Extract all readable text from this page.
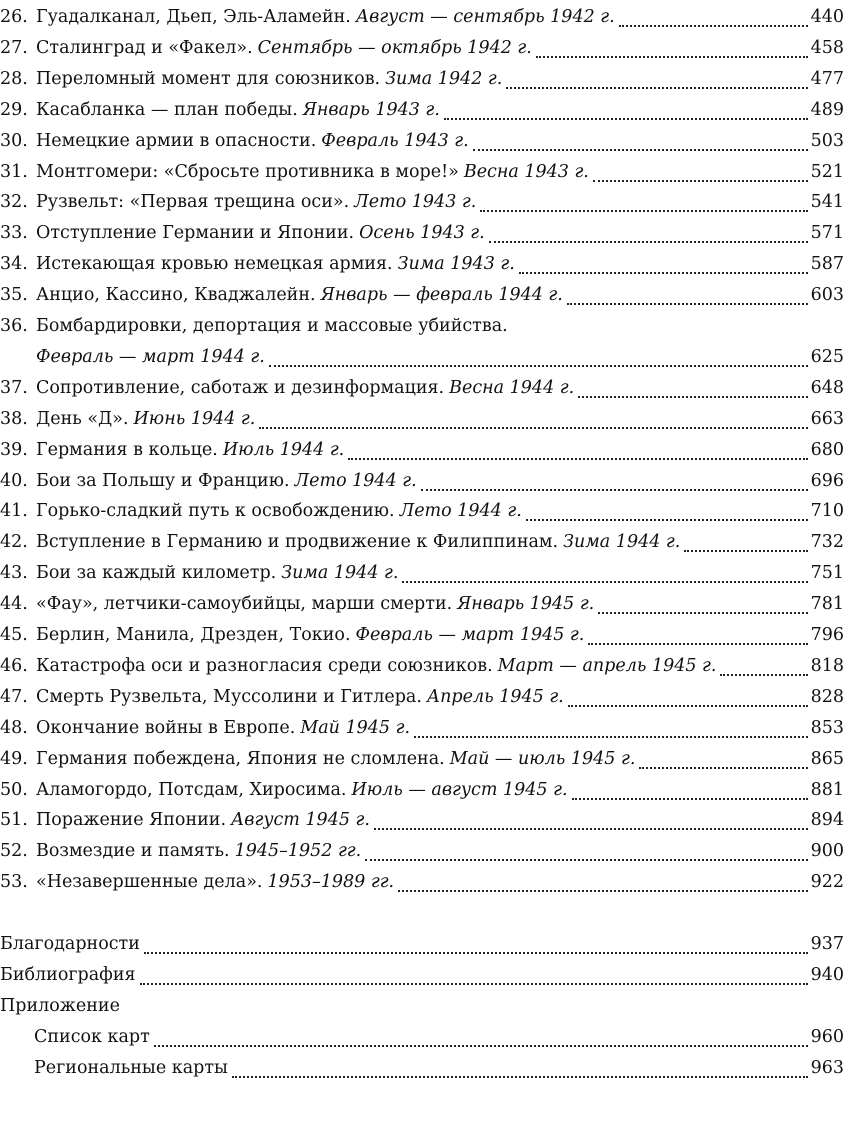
26. Гуадалканал, Дьеп, Эль-Аламейн. Август — сентябрь 1942 г.	440
27. Сталинград и «Факел». Сентябрь — октябрь 1942 г.	458
28. Переломный момент для союзников. Зима 1942 г.	477
29. Касабланка — план победы. Январь 1943 г.	489
30. Немецкие армии в опасности. Февраль 1943 г.	503
31. Монтгомери: «Сбросьте противника в море!» Весна 1943 г.	521
32. Рузвельт: «Первая трещина оси». Лето 1943 г.	541
33. Отступление Германии и Японии. Осень 1943 г.	571
34. Истекающая кровью немецкая армия. Зима 1943 г.	587
35. Анцио, Кассино, Кваджалейн. Январь — февраль 1944 г.	603
36. Бомбардировки, депортация и массовые убийства.
Февраль — март 1944 г.	625
37. Сопротивление, саботаж и дезинформация. Весна 1944 г.	648
38. День «Д». Июнь 1944 г.	663
39. Германия в кольце. Июль 1944 г.	680
40. Бои за Польшу и Францию. Лето 1944 г.	696
41. Горько-сладкий путь к освобождению. Лето 1944 г.	710
42. Вступление в Германию и продвижение к Филиппинам. Зима 1944 г.	732
43. Бои за каждый километр. Зима 1944 г.	751
44. «Фау», летчики-самоубийцы, марши смерти. Январь 1945 г.	781
45. Берлин, Манила, Дрезден, Токио. Февраль — март 1945 г.	796
46. Катастрофа оси и разногласия среди союзников. Март — апрель 1945 г.	818
47. Смерть Рузвельта, Муссолини и Гитлера. Апрель 1945 г.	828
48. Окончание войны в Европе. Май 1945 г.	853
49. Германия побеждена, Япония не сломлена. Май — июль 1945 г.	865
50. Аламогордо, Потсдам, Хиросима. Июль — август 1945 г.	881
51. Поражение Японии. Август 1945 г.	894
52. Возмездие и память. 1945–1952 гг.	900
53. «Незавершенные дела». 1953–1989 гг.	922
Благодарности	937
Библиография	940
Приложение
Список карт	960
Региональные карты	963
